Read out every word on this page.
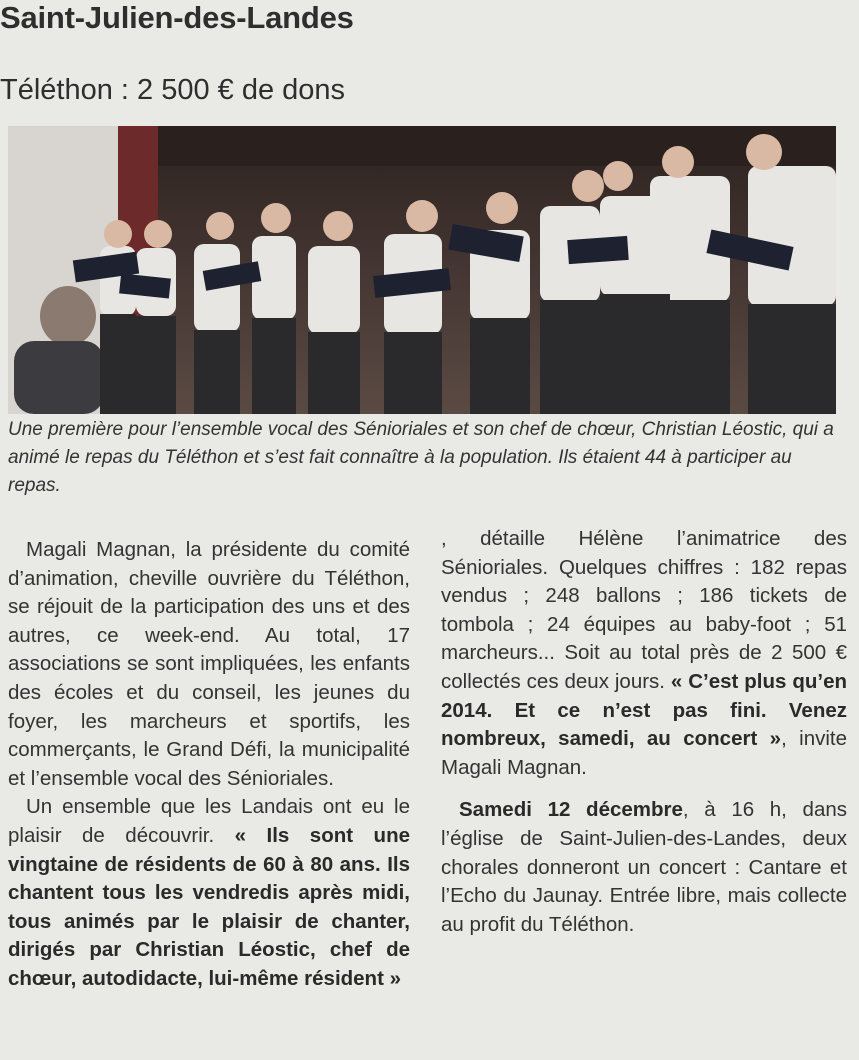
Saint-Julien-des-Landes
Téléthon : 2 500 € de dons
Une première pour l’ensemble vocal des Sénioriales et son chef de chœur, Christian Léostic, qui a animé le repas du Téléthon et s’est fait connaître à la population. Ils étaient 44 à participer au repas.

Magali Magnan, la présidente du comité d’animation, cheville ouvrière du Téléthon, se réjouit de la participation des uns et des autres, ce week-end. Au total, 17 associations se sont impliquées, les enfants des écoles et du conseil, les jeunes du foyer, les marcheurs et sportifs, les commerçants, le Grand Défi, la municipalité et l’ensemble vocal des Sénioriales.

Un ensemble que les Landais ont eu le plaisir de découvrir. « Ils sont une vingtaine de résidents de 60 à 80 ans. Ils chantent tous les vendredis après midi, tous animés par le plaisir de chanter, dirigés par Christian Léostic, chef de chœur, autodidacte, lui-même résident »

, détaille Hélène l’animatrice des Sénioriales. Quelques chiffres : 182 repas vendus ; 248 ballons ; 186 tickets de tombola ; 24 équipes au baby-foot ; 51 marcheurs... Soit au total près de 2 500 € collectés ces deux jours. « C’est plus qu’en 2014. Et ce n’est pas fini. Venez nombreux, samedi, au concert », invite Magali Magnan.

Samedi 12 décembre, à 16 h, dans l’église de Saint-Julien-des-Landes, deux chorales donneront un concert : Cantare et l’Echo du Jaunay. Entrée libre, mais collecte au profit du Téléthon.
